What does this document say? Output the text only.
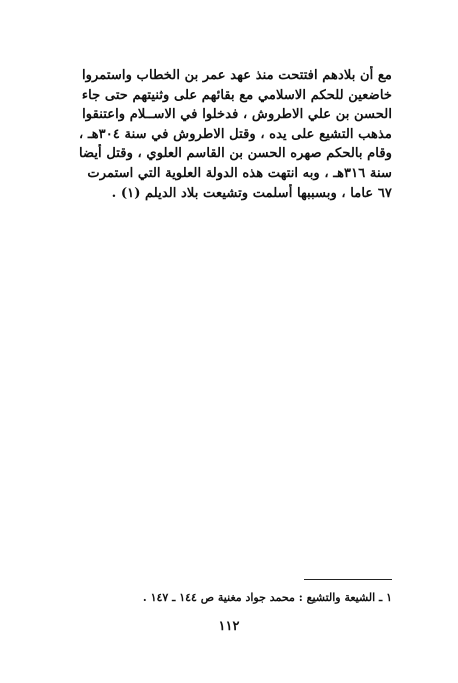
مع أن بلادهم افتتحت منذ عهد عمر بن الخطاب واستمروا
خاضعين للحكم الاسلامي مع بقائهم على وثنيتهم حتى جاء
الحسن بن علي الاطروش ، فدخلوا في الاســلام واعتنقوا
مذهب التشيع على يده ، وقتل الاطروش في سنة ٣٠٤هـ ،
وقام بالحكم صهره الحسن بن القاسم العلوي ، وقتل أيضا
سنة ٣١٦هـ ، وبه انتهت هذه الدولة العلوية التي استمرت
٦٧ عاما ، وبسببها أسلمت وتشيعت بلاد الديلم (١) .
١ ـ الشيعة والتشيع : محمد جواد مغنية ص ١٤٤ ـ ١٤٧ .
١١٢
